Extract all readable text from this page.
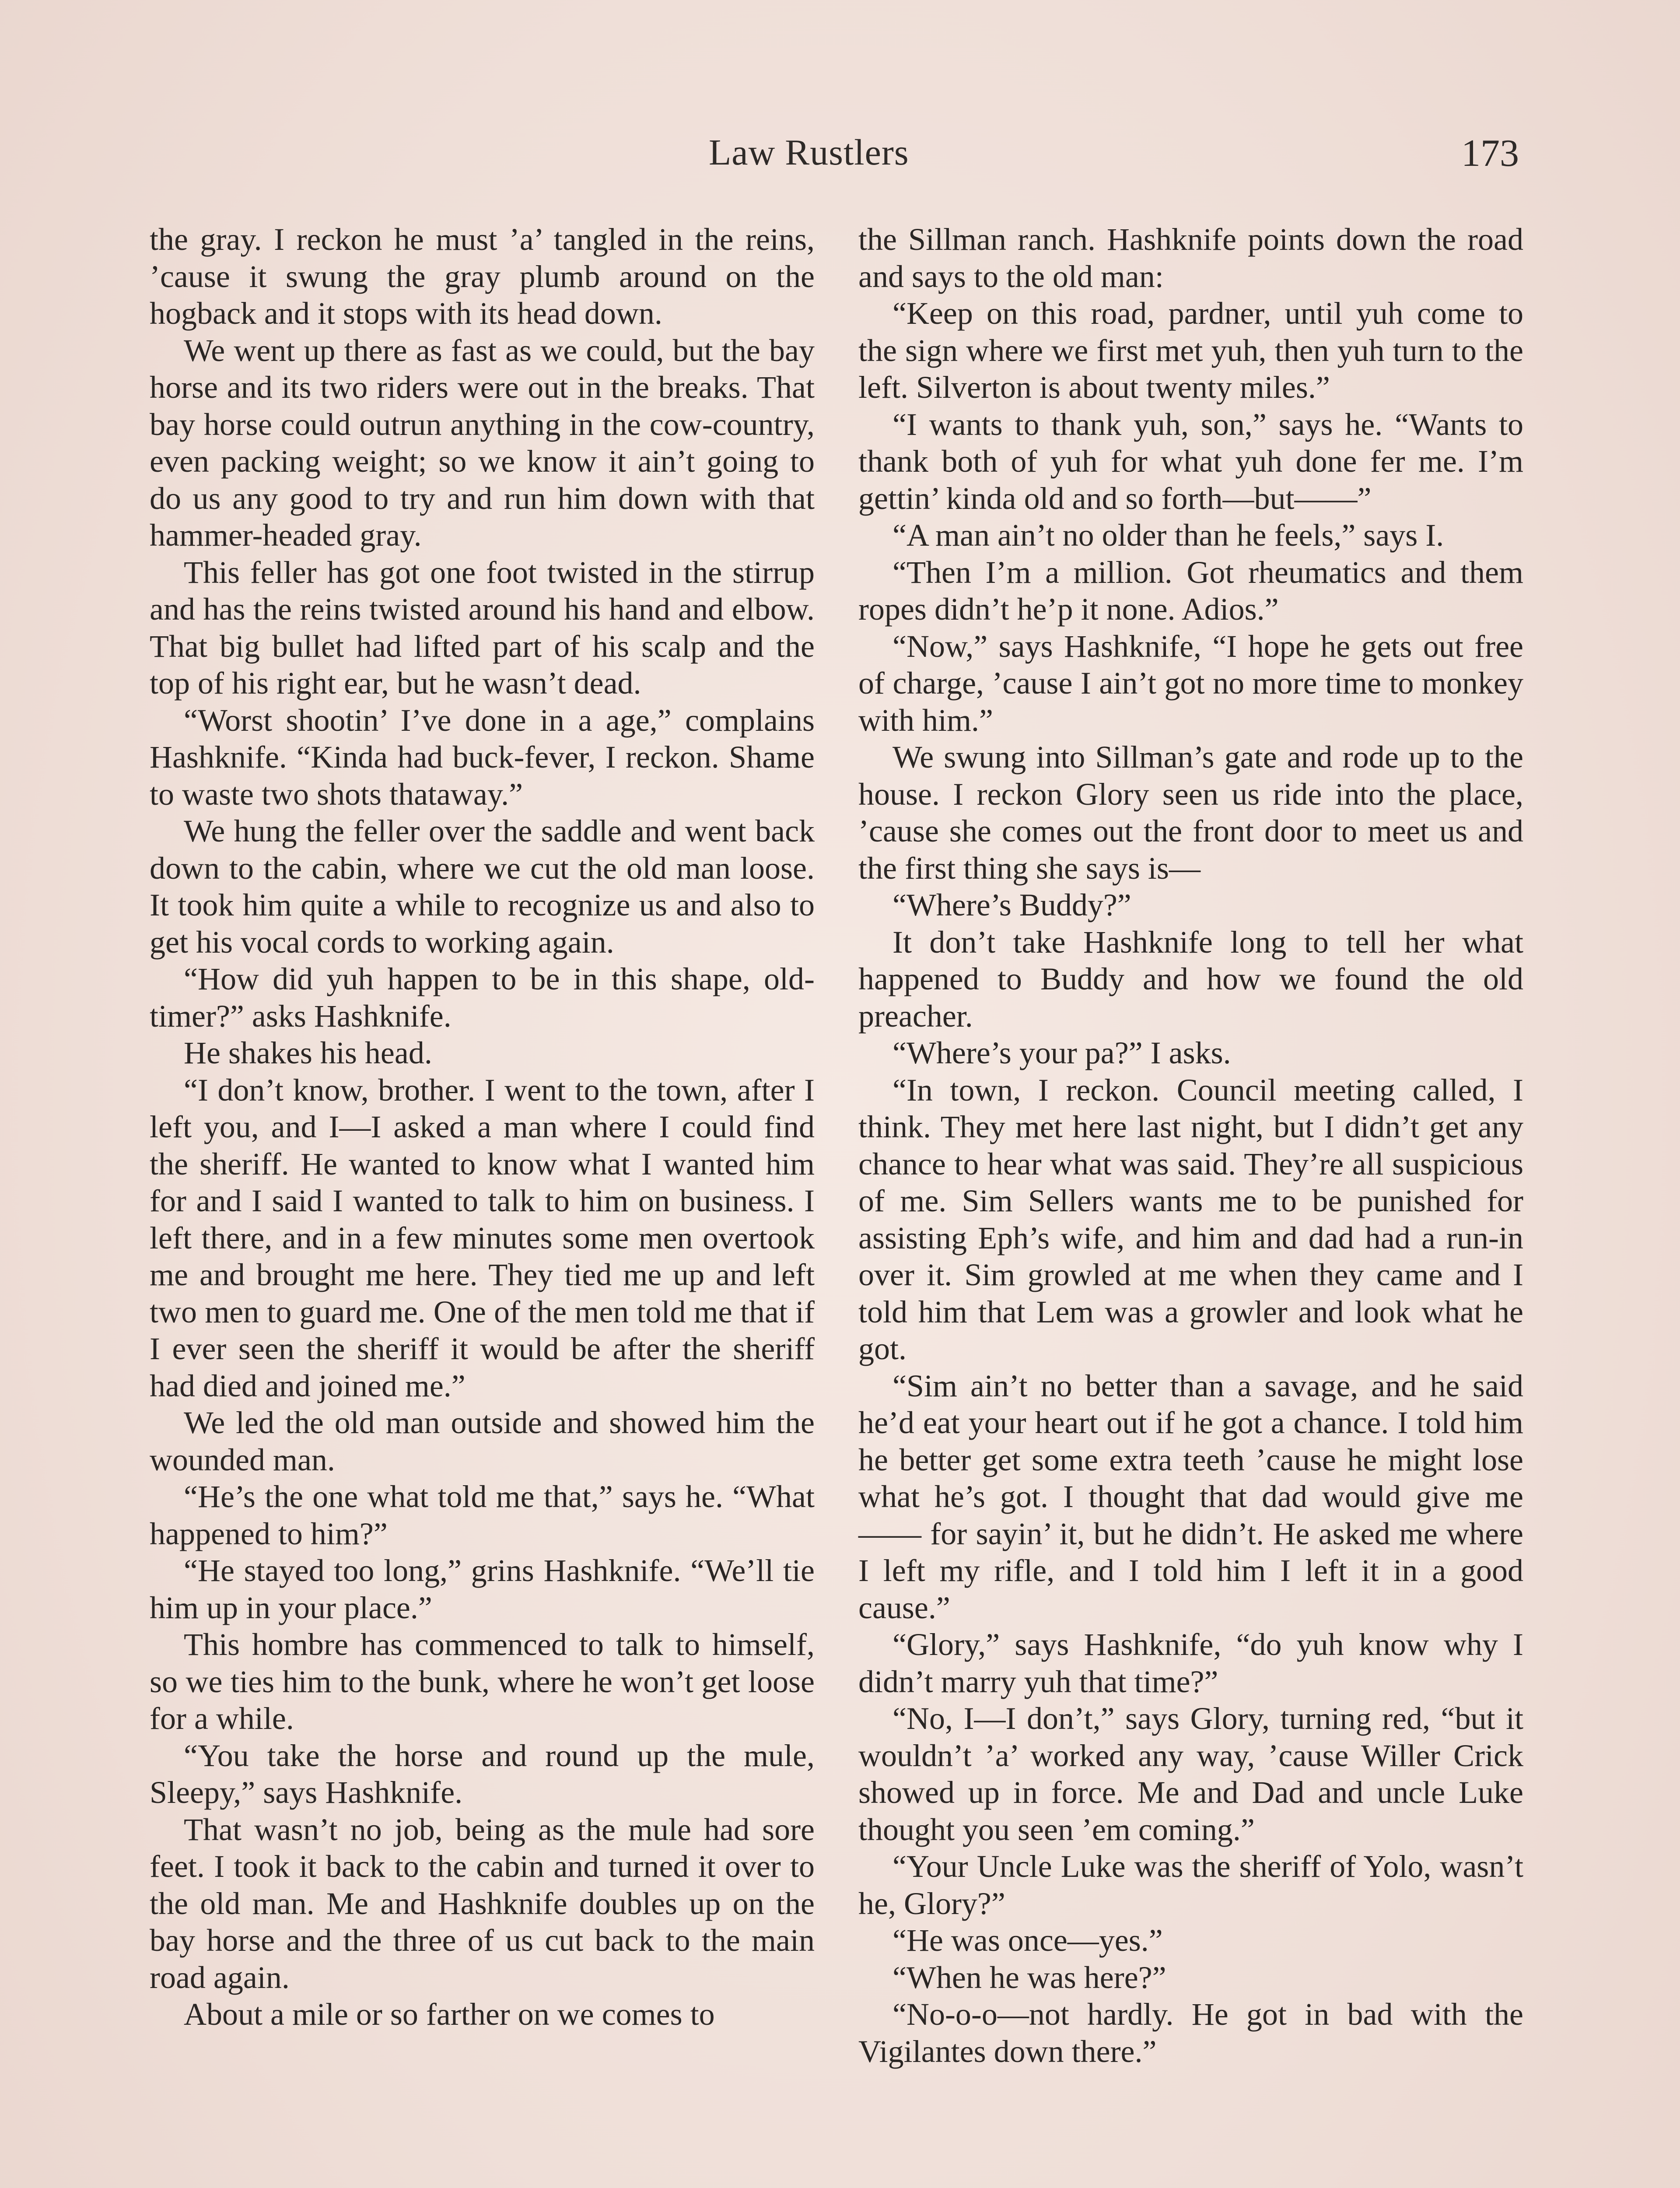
Law Rustlers	173

the gray. I reckon he must ’a’ tangled in the reins, ’cause it swung the gray plumb around on the hogback and it stops with its head down.

We went up there as fast as we could, but the bay horse and its two riders were out in the breaks. That bay horse could outrun anything in the cow-country, even packing weight; so we know it ain’t going to do us any good to try and run him down with that hammer-headed gray.

This feller has got one foot twisted in the stirrup and has the reins twisted around his hand and elbow. That big bullet had lifted part of his scalp and the top of his right ear, but he wasn’t dead.

“Worst shootin’ I’ve done in a age,” complains Hashknife. “Kinda had buck-fever, I reckon. Shame to waste two shots thataway.”

We hung the feller over the saddle and went back down to the cabin, where we cut the old man loose. It took him quite a while to recognize us and also to get his vocal cords to working again.

“How did yuh happen to be in this shape, old-timer?” asks Hashknife.

He shakes his head.

“I don’t know, brother. I went to the town, after I left you, and I—I asked a man where I could find the sheriff. He wanted to know what I wanted him for and I said I wanted to talk to him on business. I left there, and in a few minutes some men overtook me and brought me here. They tied me up and left two men to guard me. One of the men told me that if I ever seen the sheriff it would be after the sheriff had died and joined me.”

We led the old man outside and showed him the wounded man.

“He’s the one what told me that,” says he. “What happened to him?”

“He stayed too long,” grins Hashknife. “We’ll tie him up in your place.”

This hombre has commenced to talk to himself, so we ties him to the bunk, where he won’t get loose for a while.

“You take the horse and round up the mule, Sleepy,” says Hashknife.

That wasn’t no job, being as the mule had sore feet. I took it back to the cabin and turned it over to the old man. Me and Hashknife doubles up on the bay horse and the three of us cut back to the main road again.

About a mile or so farther on we comes to

the Sillman ranch. Hashknife points down the road and says to the old man:

“Keep on this road, pardner, until yuh come to the sign where we first met yuh, then yuh turn to the left. Silverton is about twenty miles.”

“I wants to thank yuh, son,” says he. “Wants to thank both of yuh for what yuh done fer me. I’m gettin’ kinda old and so forth—but——”

“A man ain’t no older than he feels,” says I.

“Then I’m a million. Got rheumatics and them ropes didn’t he’p it none. Adios.”

“Now,” says Hashknife, “I hope he gets out free of charge, ’cause I ain’t got no more time to monkey with him.”

We swung into Sillman’s gate and rode up to the house. I reckon Glory seen us ride into the place, ’cause she comes out the front door to meet us and the first thing she says is—

“Where’s Buddy?”

It don’t take Hashknife long to tell her what happened to Buddy and how we found the old preacher.

“Where’s your pa?” I asks.

“In town, I reckon. Council meeting called, I think. They met here last night, but I didn’t get any chance to hear what was said. They’re all suspicious of me. Sim Sellers wants me to be punished for assisting Eph’s wife, and him and dad had a run-in over it. Sim growled at me when they came and I told him that Lem was a growler and look what he got.

“Sim ain’t no better than a savage, and he said he’d eat your heart out if he got a chance. I told him he better get some extra teeth ’cause he might lose what he’s got. I thought that dad would give me —— for sayin’ it, but he didn’t. He asked me where I left my rifle, and I told him I left it in a good cause.”

“Glory,” says Hashknife, “do yuh know why I didn’t marry yuh that time?”

“No, I—I don’t,” says Glory, turning red, “but it wouldn’t ’a’ worked any way, ’cause Willer Crick showed up in force. Me and Dad and uncle Luke thought you seen ’em coming.”

“Your Uncle Luke was the sheriff of Yolo, wasn’t he, Glory?”

“He was once—yes.”

“When he was here?”

“No-o-o—not hardly. He got in bad with the Vigilantes down there.”
